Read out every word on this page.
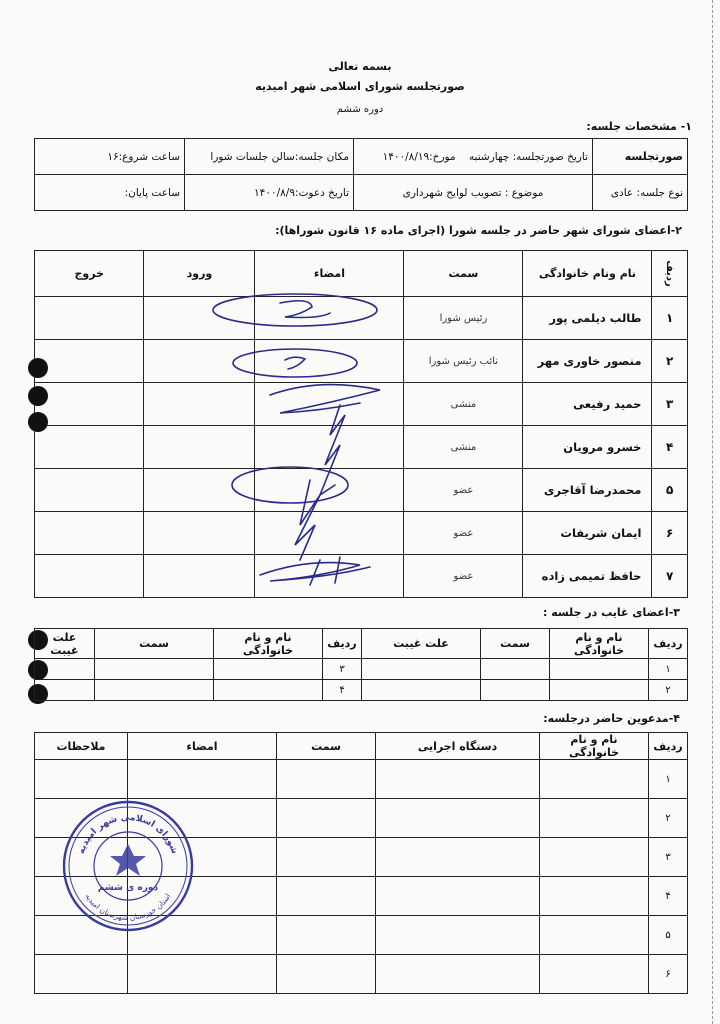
بسمه تعالی
صورتجلسه شورای اسلامی شهر امیدیه
دوره ششم
۱- مشخصات جلسه:
صورتجلسه	تاریخ صورتجلسه: چهارشنبه    مورخ:۱۴۰۰/۸/۱۹	مکان جلسه:سالن جلسات شورا	ساعت شروع:۱۶
نوع جلسه: عادی	موضوع : تصویب لوایح شهرداری	تاریخ دعوت:۱۴۰۰/۸/۹	ساعت پایان:
۲-اعضای شورای شهر حاضر در جلسه شورا (اجرای ماده ۱۶ قانون شوراها):
ردیف	نام ونام خانوادگی	سمت	امضاء	ورود	خروج
۱	طالب دیلمی پور	رئیس شورا			
۲	منصور خاوری مهر	نائب رئیس شورا			
۳	حمید رفیعی	منشی			
۴	خسرو مرویان	منشی			
۵	محمدرضا آقاجری	عضو			
۶	ایمان شریفات	عضو			
۷	حافظ تمیمی زاده	عضو			
۳-اعضای غایب در جلسه :
ردیف	نام و نام خانوادگی	سمت	علت غیبت	ردیف	نام و نام خانوادگی	سمت	علت غیبت
۱				۳			
۲				۴			
۴-مدعوین حاضر درجلسه:
ردیف	نام و نام خانوادگی	دستگاه اجرایی	سمت	امضاء	ملاحظات
۱					
۲					
۳					
۴					
۵					
۶					
شورای اسلامی شهر امیدیه
دوره ی ششم
استان خوزستان شهرستان امیدیه
